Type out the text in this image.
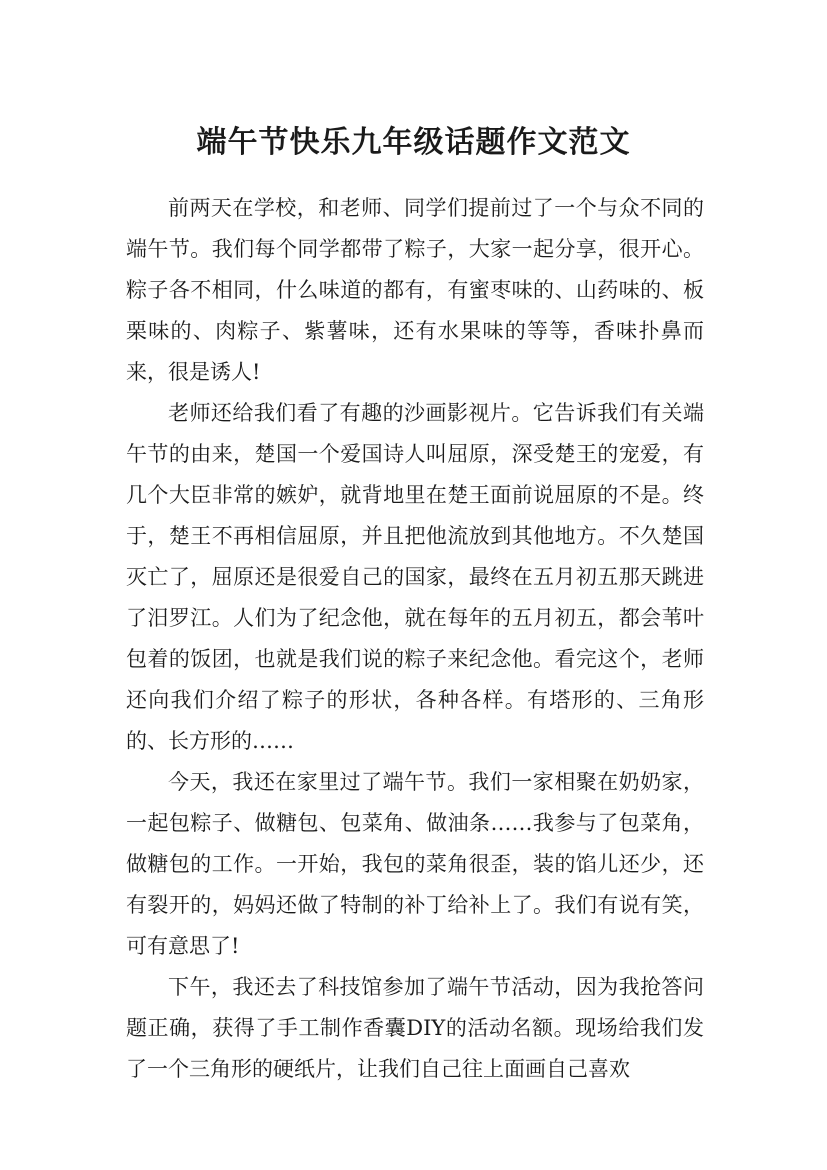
端午节快乐九年级话题作文范文

前两天在学校，和老师、同学们提前过了一个与众不同的端午节。我们每个同学都带了粽子，大家一起分享，很开心。粽子各不相同，什么味道的都有，有蜜枣味的、山药味的、板栗味的、肉粽子、紫薯味，还有水果味的等等，香味扑鼻而来，很是诱人!

老师还给我们看了有趣的沙画影视片。它告诉我们有关端午节的由来，楚国一个爱国诗人叫屈原，深受楚王的宠爱，有几个大臣非常的嫉妒，就背地里在楚王面前说屈原的不是。终于，楚王不再相信屈原，并且把他流放到其他地方。不久楚国灭亡了，屈原还是很爱自己的国家，最终在五月初五那天跳进了汨罗江。人们为了纪念他，就在每年的五月初五，都会苇叶包着的饭团，也就是我们说的粽子来纪念他。看完这个，老师还向我们介绍了粽子的形状，各种各样。有塔形的、三角形的、长方形的……

今天，我还在家里过了端午节。我们一家相聚在奶奶家，一起包粽子、做糖包、包菜角、做油条……我参与了包菜角，做糖包的工作。一开始，我包的菜角很歪，装的馅儿还少，还有裂开的，妈妈还做了特制的补丁给补上了。我们有说有笑，可有意思了!

下午，我还去了科技馆参加了端午节活动，因为我抢答问题正确，获得了手工制作香囊DIY的活动名额。现场给我们发了一个三角形的硬纸片，让我们自己往上面画自己喜欢
